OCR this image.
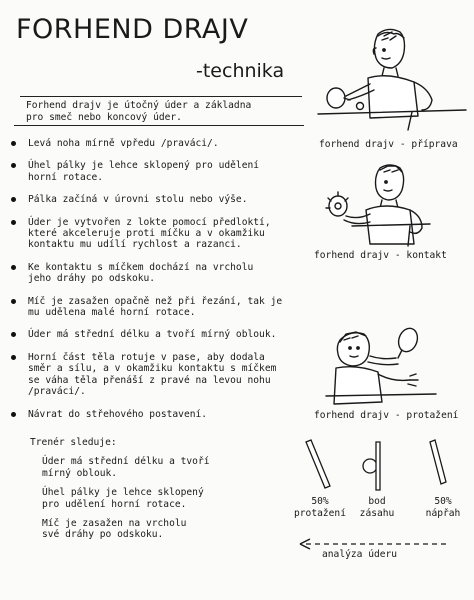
FORHEND DRAJV
-technika
Forhend drajv je útočný úder a základna
pro smeč nebo koncový úder.
Levá noha mírně vpředu /praváci/.
Úhel pálky je lehce sklopený pro udělení
horní rotace.
Pálka začíná v úrovni stolu nebo výše.
Úder je vytvořen z lokte pomocí předloktí,
které akceleruje proti míčku a v okamžiku
kontaktu mu udílí rychlost a razanci.
Ke kontaktu s míčkem dochází na vrcholu
jeho dráhy po odskoku.
Míč je zasažen opačně než při řezání, tak je
mu udělena malé horní rotace.
Úder má střední délku a tvoří mírný oblouk.
Horní část těla rotuje v pase, aby dodala
směr a sílu, a v okamžiku kontaktu s míčkem
se váha těla přenáší z pravé na levou nohu
/praváci/.
Návrat do střehového postavení.
forhend drajv - příprava
forhend drajv - kontakt
forhend drajv - protažení
Trenér sleduje:
Úder má střední délku a tvoří
mírný oblouk.
Úhel pálky je lehce sklopený
pro udělení horní rotace.
Míč je zasažen na vrcholu
své dráhy po odskoku.
50%
protažení
bod
zásahu
50%
nápřah
analýza úderu
